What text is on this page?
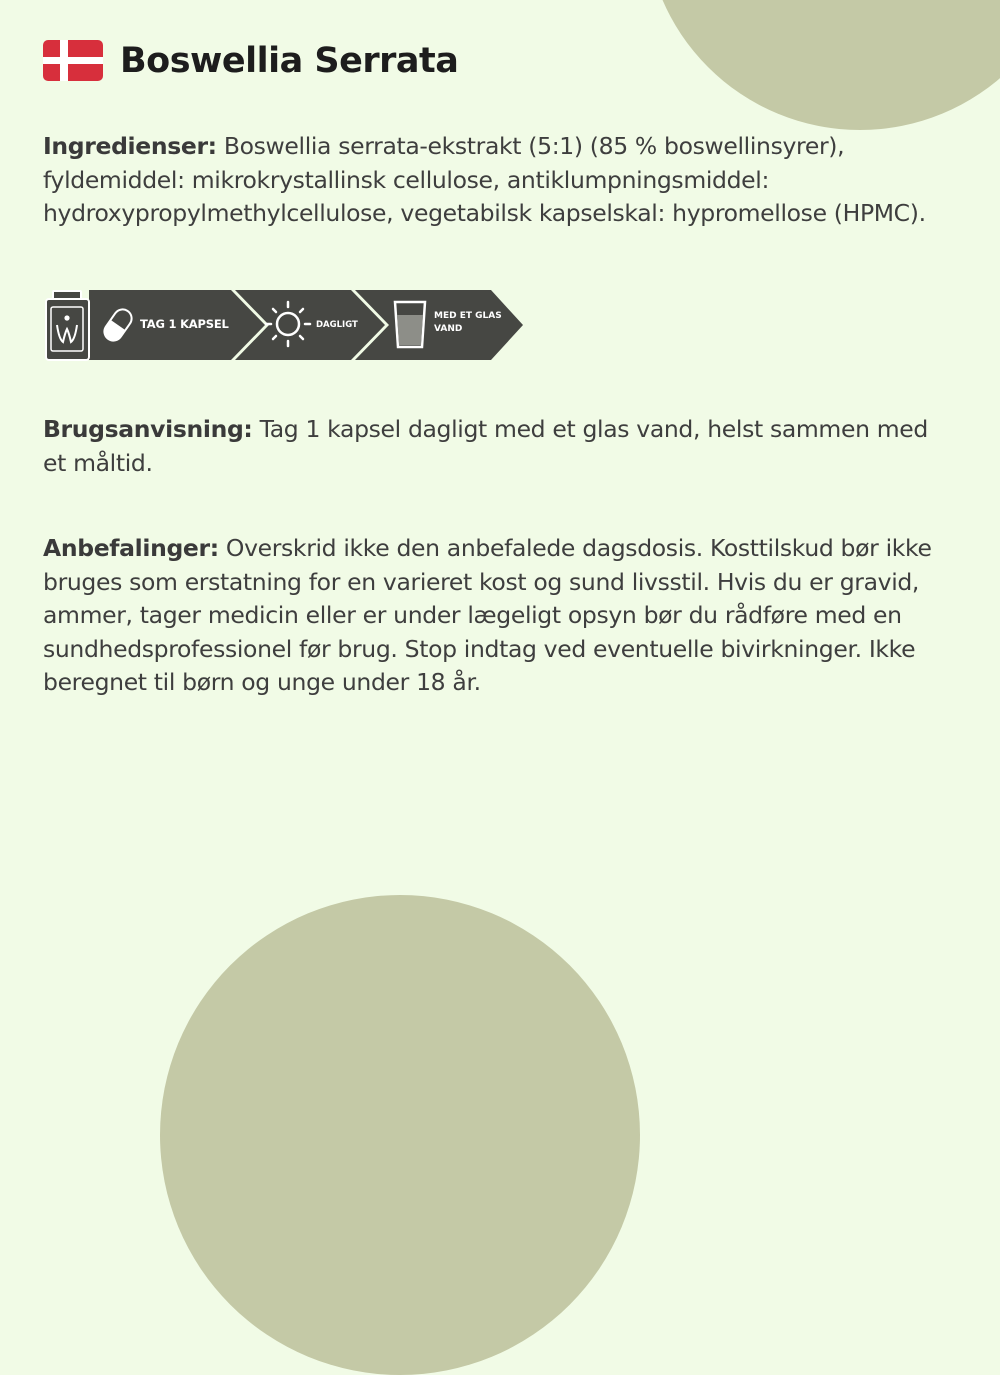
Boswellia Serrata
Ingredienser: Boswellia serrata-ekstrakt (5:1) (85 % boswellinsyrer), fyldemiddel: mikrokrystallinsk cellulose, antiklumpningsmiddel: hydroxypropylmethylcellulose, vegetabilsk kapselskal: hypromellose (HPMC).
TAG 1 KAPSEL	DAGLIGT
MED ET GLAS VAND
Brugsanvisning: Tag 1 kapsel dagligt med et glas vand, helst sammen med et måltid.
Anbefalinger: Overskrid ikke den anbefalede dagsdosis. Kosttilskud bør ikke bruges som erstatning for en varieret kost og sund livsstil. Hvis du er gravid, ammer, tager medicin eller er under lægeligt opsyn bør du rådføre med en sundhedsprofessionel før brug. Stop indtag ved eventuelle bivirkninger. Ikke beregnet til børn og unge under 18 år.
